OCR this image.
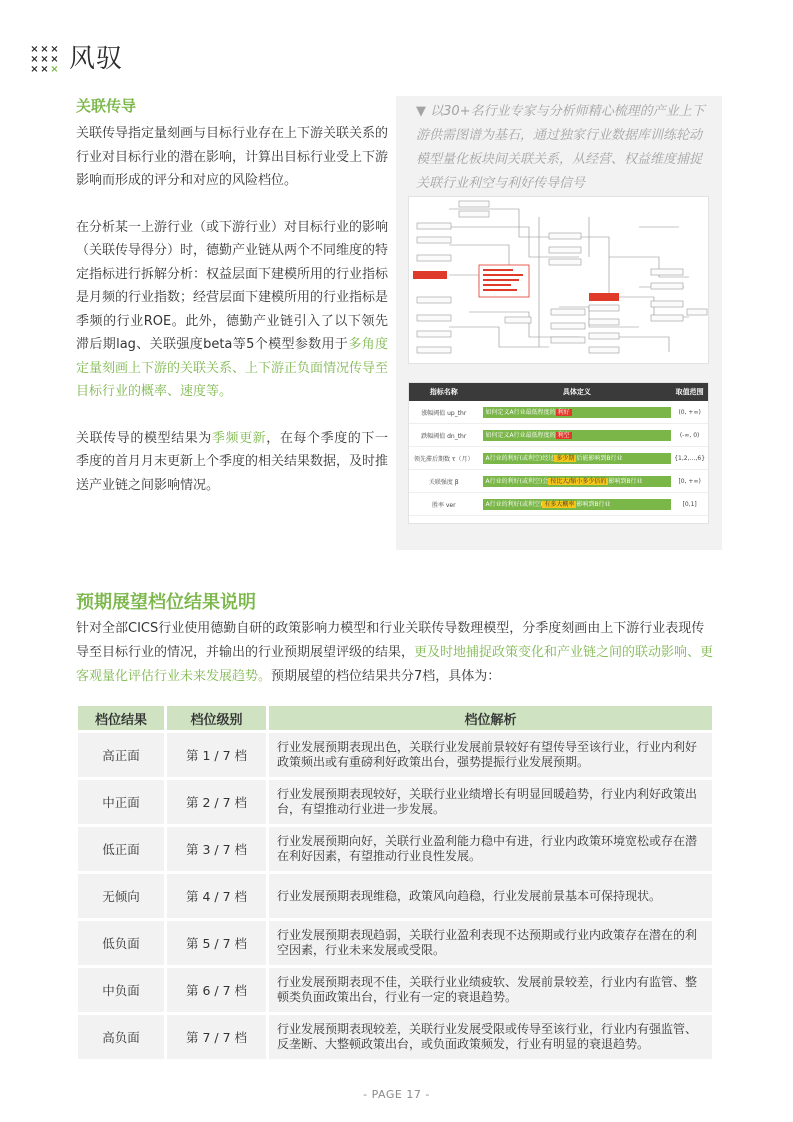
× × ×
× × ×
× × × 风驭
关联传导

关联传导指定量刻画与目标行业存在上下游关联关系的行业对目标行业的潜在影响，计算出目标行业受上下游影响而形成的评分和对应的风险档位。

在分析某一上游行业（或下游行业）对目标行业的影响（关联传导得分）时，德勤产业链从两个不同维度的特定指标进行拆解分析：权益层面下建模所用的行业指标是月频的行业指数；经营层面下建模所用的行业指标是季频的行业ROE。此外，德勤产业链引入了以下领先滞后期lag、关联强度beta等5个模型参数用于多角度定量刻画上下游的关联关系、上下游正负面情况传导至目标行业的概率、速度等。

关联传导的模型结果为季频更新，在每个季度的下一季度的首月月末更新上个季度的相关结果数据，及时推送产业链之间影响情况。

▼ 以30+名行业专家与分析师精心梳理的产业上下游供需图谱为基石，通过独家行业数据库训练轮动模型量化板块间关联关系，从经营、权益维度捕捉关联行业利空与利好传导信号
指标名称	具体定义	取值范围
涨幅阈值 up_thr	如何定义A行业最低程度的 利好	(0, +∞)
跌幅阈值 dn_thr	如何定义A行业最低程度的 利空	(-∞, 0)
领先滞后期数 τ（月）	A行业的利好(或利空)经过 多少期 后能影响到B行业	{1,2,…,6}
关联强度 β	A行业的利好(或利空)会 按比大/缩小多少倍的 影响到B行业	[0, +∞)
胜率 ver	A行业的利好(或利空) 有多大概率 影响到B行业	[0,1]
预期展望档位结果说明
针对全部CICS行业使用德勤自研的政策影响力模型和行业关联传导数理模型，分季度刻画由上下游行业表现传导至目标行业的情况，并输出的行业预期展望评级的结果，更及时地捕捉政策变化和产业链之间的联动影响、更客观量化评估行业未来发展趋势。预期展望的档位结果共分7档，具体为：
档位结果	档位级别	档位解析
高正面	第 1 / 7 档	行业发展预期表现出色，关联行业发展前景较好有望传导至该行业，行业内利好政策频出或有重磅利好政策出台，强势提振行业发展预期。
中正面	第 2 / 7 档	行业发展预期表现较好，关联行业业绩增长有明显回暖趋势，行业内利好政策出台，有望推动行业进一步发展。
低正面	第 3 / 7 档	行业发展预期向好，关联行业盈利能力稳中有进，行业内政策环境宽松或存在潜在利好因素，有望推动行业良性发展。
无倾向	第 4 / 7 档	行业发展预期表现维稳，政策风向趋稳，行业发展前景基本可保持现状。
低负面	第 5 / 7 档	行业发展预期表现趋弱，关联行业盈利表现不达预期或行业内政策存在潜在的利空因素，行业未来发展或受限。
中负面	第 6 / 7 档	行业发展预期表现不佳，关联行业业绩疲软、发展前景较差，行业内有监管、整顿类负面政策出台，行业有一定的衰退趋势。
高负面	第 7 / 7 档	行业发展预期表现较差，关联行业发展受限或传导至该行业，行业内有强监管、反垄断、大整顿政策出台，或负面政策频发，行业有明显的衰退趋势。
- PAGE 17 -
